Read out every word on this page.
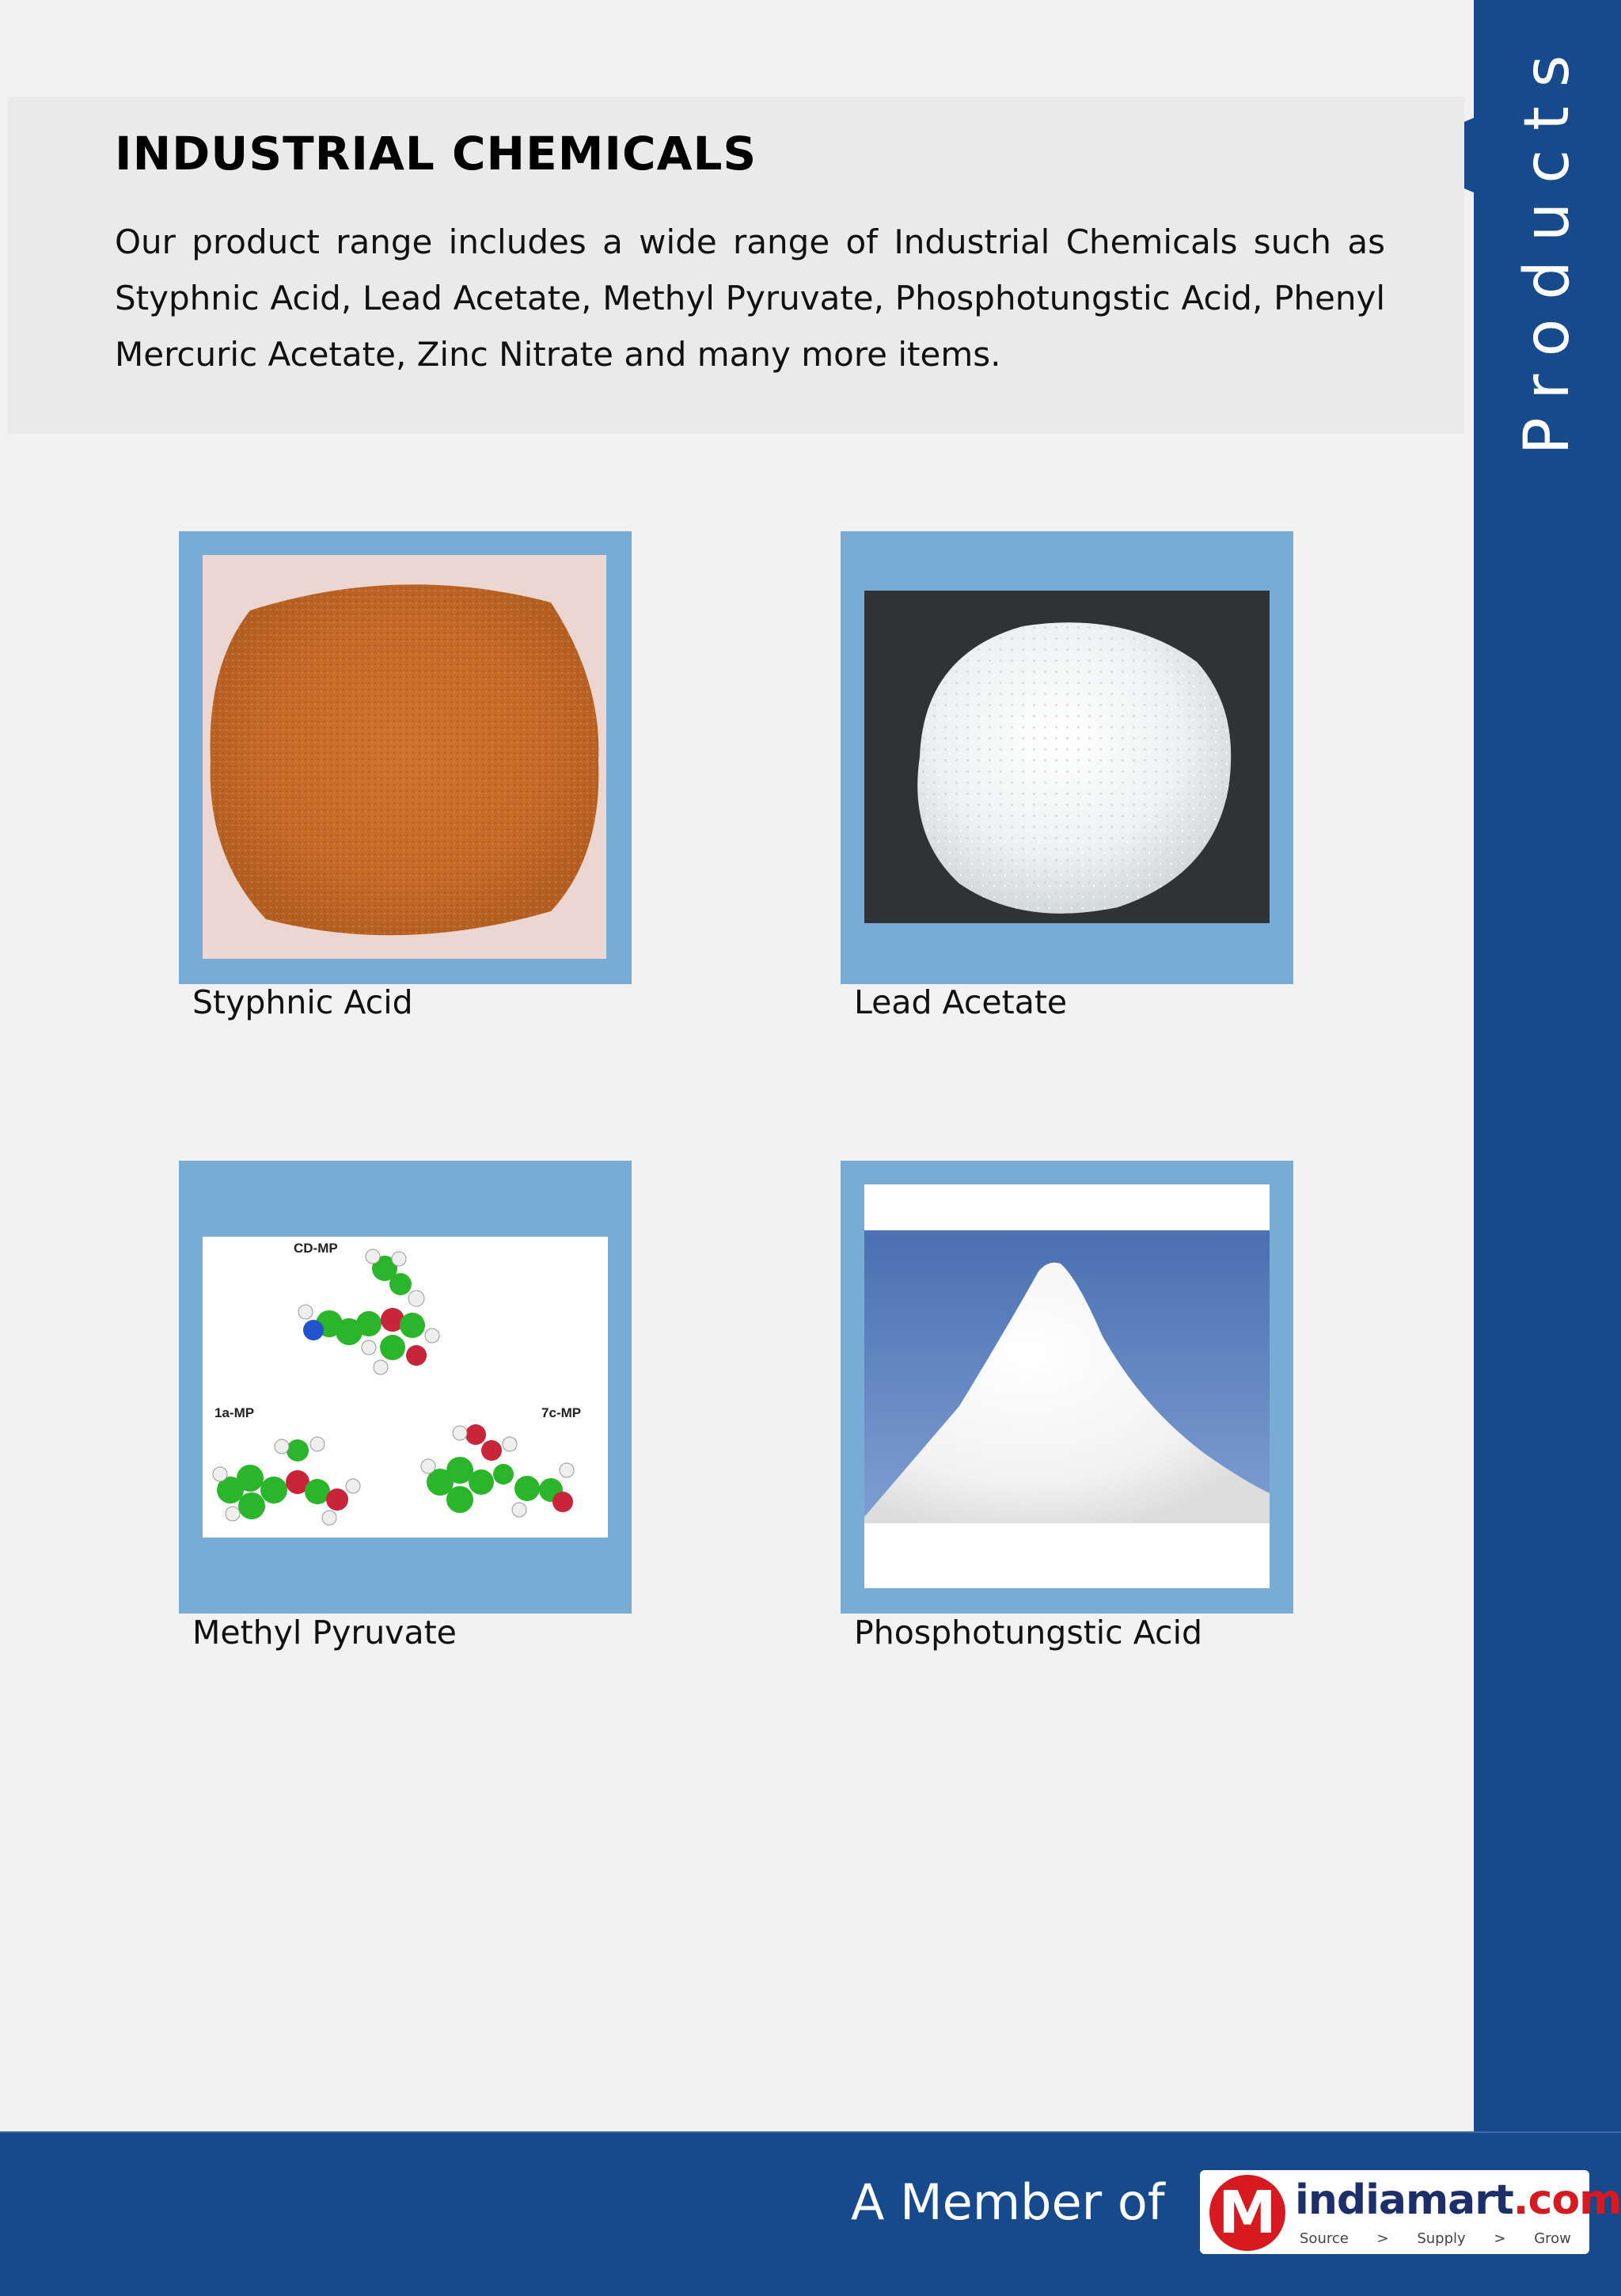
Products
INDUSTRIAL CHEMICALS

Our product range includes a wide range of Industrial Chemicals such as Styphnic Acid, Lead Acetate, Methyl Pyruvate, Phosphotungstic Acid, Phenyl Mercuric Acetate, Zinc Nitrate and many more items.

Styphnic Acid	Lead Acetate
CD-MP
1a-MP	7c-MP
Methyl Pyruvate	Phosphotungstic Acid
A Member of M indiamart.com
Source > Supply > Grow
